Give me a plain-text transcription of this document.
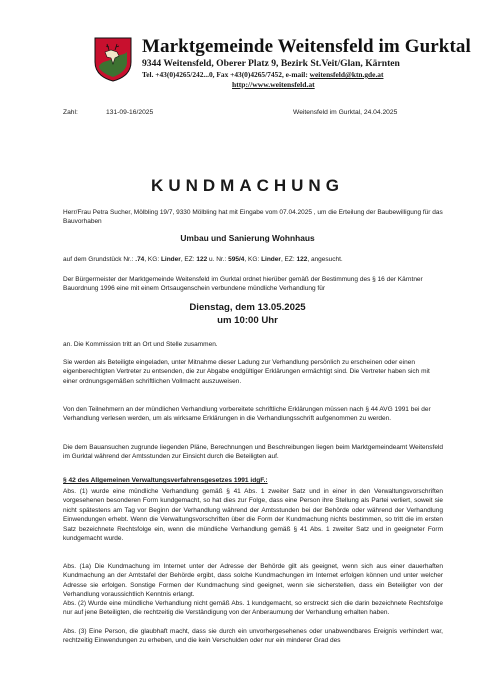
Marktgemeinde Weitensfeld im Gurktal
9344 Weitensfeld, Oberer Platz 9, Bezirk St.Veit/Glan, Kärnten
Tel. +43(0)4265/242...0, Fax +43(0)4265/7452, e-mail: weitensfeld@ktn.gde.at
http://www.weitensfeld.at
Zahl:	131-09-16/2025	Weitensfeld im Gurktal, 24.04.2025
KUNDMACHUNG
Herr/Frau Petra Sucher, Mölbling 19/7, 9330 Mölbling hat mit Eingabe vom 07.04.2025 , um die Erteilung der Baubewilligung für das Bauvorhaben
Umbau und Sanierung Wohnhaus
auf dem Grundstück Nr.: .74, KG: Linder, EZ: 122 u. Nr.: 595/4, KG: Linder, EZ: 122, angesucht.
Der Bürgermeister der Marktgemeinde Weitensfeld im Gurktal ordnet hierüber gemäß der Bestimmung des § 16 der Kärntner Bauordnung 1996 eine mit einem Ortsaugenschein verbundene mündliche Verhandlung für
Dienstag, dem 13.05.2025
um 10:00 Uhr
an. Die Kommission tritt an Ort und Stelle zusammen.
Sie werden als Beteiligte eingeladen, unter Mitnahme dieser Ladung zur Verhandlung persönlich zu erscheinen oder einen eigenberechtigten Vertreter zu entsenden, die zur Abgabe endgültiger Erklärungen ermächtigt sind. Die Vertreter haben sich mit einer ordnungsgemäßen schriftlichen Vollmacht auszuweisen.
Von den Teilnehmern an der mündlichen Verhandlung vorbereitete schriftliche Erklärungen müssen nach § 44 AVG 1991 bei der Verhandlung verlesen werden, um als wirksame Erklärungen in die Verhandlungsschrift aufgenommen zu werden.
Die dem Bauansuchen zugrunde liegenden Pläne, Berechnungen und Beschreibungen liegen beim Marktgemeindeamt Weitensfeld im Gurktal während der Amtsstunden zur Einsicht durch die Beteiligten auf.
§ 42 des Allgemeinen Verwaltungsverfahrensgesetzes 1991 idgF.:
Abs. (1) wurde eine mündliche Verhandlung gemäß § 41 Abs. 1 zweiter Satz und in einer in den Verwaltungsvorschriften vorgesehenen besonderen Form kundgemacht, so hat dies zur Folge, dass eine Person ihre Stellung als Partei verliert, soweit sie nicht spätestens am Tag vor Beginn der Verhandlung während der Amtsstunden bei der Behörde oder während der Verhandlung Einwendungen erhebt. Wenn die Verwaltungsvorschriften über die Form der Kundmachung nichts bestimmen, so tritt die im ersten Satz bezeichnete Rechtsfolge ein, wenn die mündliche Verhandlung gemäß § 41 Abs. 1 zweiter Satz und in geeigneter Form kundgemacht wurde.
Abs. (1a) Die Kundmachung im Internet unter der Adresse der Behörde gilt als geeignet, wenn sich aus einer dauerhaften Kundmachung an der Amtstafel der Behörde ergibt, dass solche Kundmachungen im Internet erfolgen können und unter welcher Adresse sie erfolgen. Sonstige Formen der Kundmachung sind geeignet, wenn sie sicherstellen, dass ein Beteiligter von der Verhandlung voraussichtlich Kenntnis erlangt.
Abs. (2) Wurde eine mündliche Verhandlung nicht gemäß Abs. 1 kundgemacht, so erstreckt sich die darin bezeichnete Rechtsfolge nur auf jene Beteiligten, die rechtzeitig die Verständigung von der Anberaumung der Verhandlung erhalten haben.
Abs. (3) Eine Person, die glaubhaft macht, dass sie durch ein unvorhergesehenes oder unabwendbares Ereignis verhindert war, rechtzeitig Einwendungen zu erheben, und die kein Verschulden oder nur ein minderer Grad des
